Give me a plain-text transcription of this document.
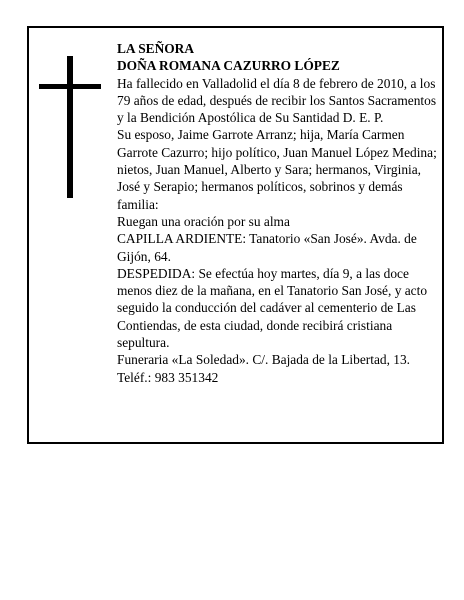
LA SEÑORA

DOÑA ROMANA CAZURRO LÓPEZ

Ha fallecido en Valladolid el día 8 de febrero de 2010, a los 79 años de edad, después de recibir los Santos Sacramentos y la Bendición Apostólica de Su Santidad D. E. P.

Su esposo, Jaime Garrote Arranz; hija, María Carmen Garrote Cazurro; hijo político, Juan Manuel López Medina; nietos, Juan Manuel, Alberto y Sara; hermanos, Virginia, José y Serapio; hermanos políticos, sobrinos y demás familia:

Ruegan una oración por su alma

CAPILLA ARDIENTE: Tanatorio «San José». Avda. de Gijón, 64.

DESPEDIDA: Se efectúa hoy martes, día 9, a las doce menos diez de la mañana, en el Tanatorio San José, y acto seguido la conducción del cadáver al cementerio de Las Contiendas, de esta ciudad, donde recibirá cristiana sepultura.

Funeraria «La Soledad». C/. Bajada de la Libertad, 13. Teléf.: 983 351342
